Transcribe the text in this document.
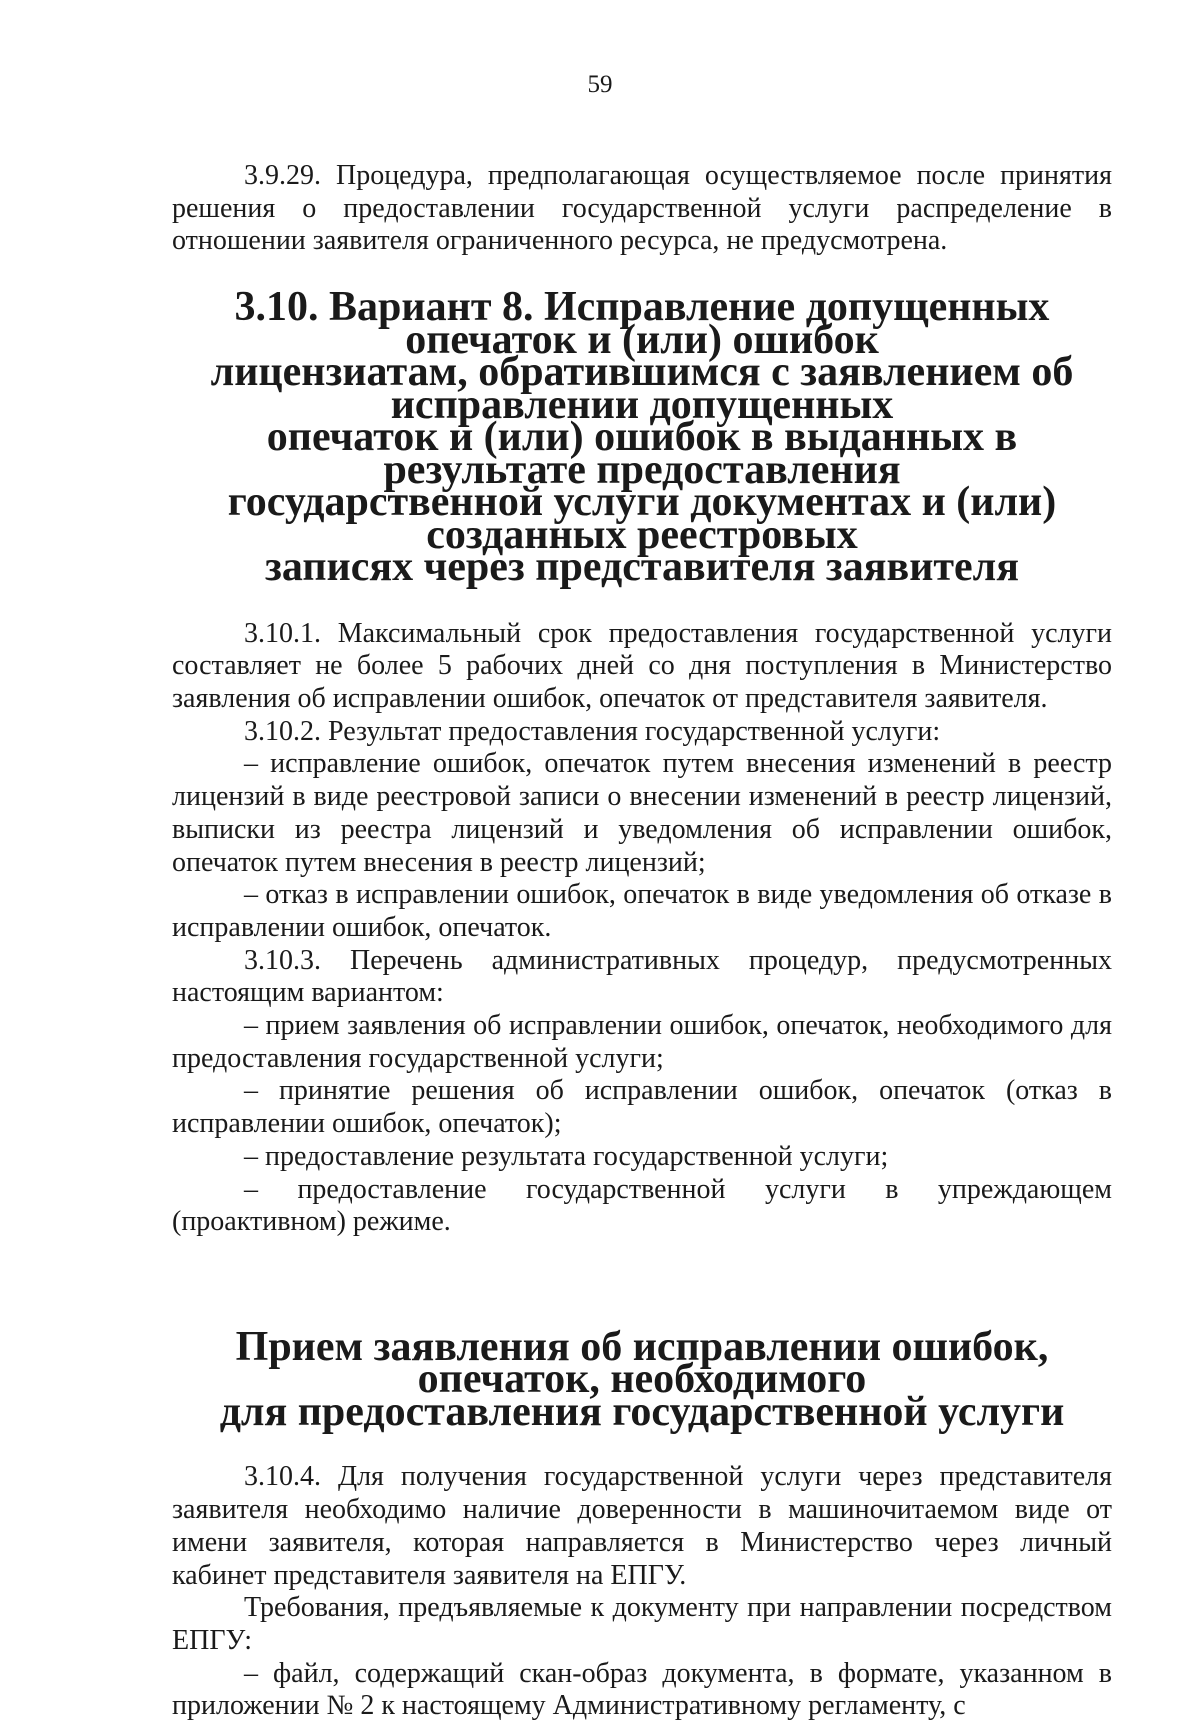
59

3.9.29. Процедура, предполагающая осуществляемое после принятия решения о предоставлении государственной услуги распределение в отношении заявителя ограниченного ресурса, не предусмотрена.

3.10. Вариант 8. Исправление допущенных опечаток и (или) ошибок
лицензиатам, обратившимся с заявлением об исправлении допущенных
опечаток и (или) ошибок в выданных в результате предоставления
государственной услуги документах и (или) созданных реестровых
записях через представителя заявителя

3.10.1. Максимальный срок предоставления государственной услуги составляет не более 5 рабочих дней со дня поступления в Министерство заявления об исправлении ошибок, опечаток от представителя заявителя.

3.10.2. Результат предоставления государственной услуги:

– исправление ошибок, опечаток путем внесения изменений в реестр лицензий в виде реестровой записи о внесении изменений в реестр лицензий, выписки из реестра лицензий и уведомления об исправлении ошибок, опечаток путем внесения в реестр лицензий;

– отказ в исправлении ошибок, опечаток в виде уведомления об отказе в исправлении ошибок, опечаток.

3.10.3. Перечень административных процедур, предусмотренных настоящим вариантом:

– прием заявления об исправлении ошибок, опечаток, необходимого для предоставления государственной услуги;

– принятие решения об исправлении ошибок, опечаток (отказ в исправлении ошибок, опечаток);

– предоставление результата государственной услуги;

– предоставление государственной услуги в упреждающем (проактивном) режиме.

Прием заявления об исправлении ошибок, опечаток, необходимого
для предоставления государственной услуги

3.10.4. Для получения государственной услуги через представителя заявителя необходимо наличие доверенности в машиночитаемом виде от имени заявителя, которая направляется в Министерство через личный кабинет представителя заявителя на ЕПГУ.

Требования, предъявляемые к документу при направлении посредством ЕПГУ:

– файл, содержащий скан-образ документа, в формате, указанном в приложении № 2 к настоящему Административному регламенту, с
